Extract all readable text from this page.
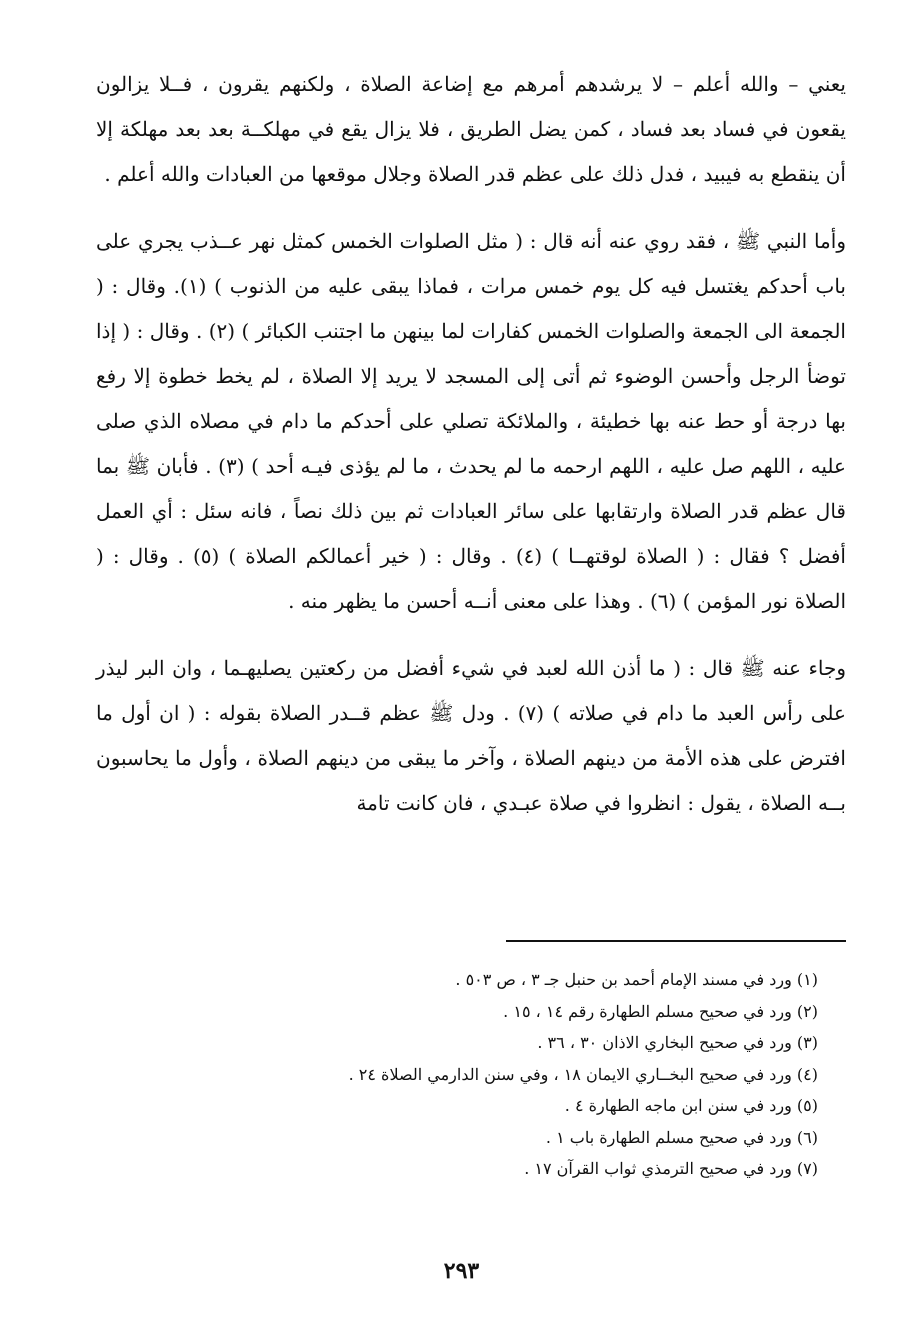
يعني – والله أعلم – لا يرشدهم أمرهم مع إضاعة الصلاة ، ولكنهم يقرون ، فــلا يزالون يقعون في فساد بعد فساد ، كمن يضل الطريق ، فلا يزال يقع في مهلكــة بعد بعد مهلكة إلا أن ينقطع به فيبيد ، فدل ذلك على عظم قدر الصلاة وجلال موقعها من العبادات والله أعلم .

وأما النبي ﷺ ، فقد روي عنه أنه قال : ( مثل الصلوات الخمس كمثل نهر عــذب يجري على باب أحدكم يغتسل فيه كل يوم خمس مرات ، فماذا يبقى عليه من الذنوب ) (١). وقال : ( الجمعة الى الجمعة والصلوات الخمس كفارات لما بينهن ما اجتنب الكبائر ) (٢) . وقال : ( إذا توضأ الرجل وأحسن الوضوء ثم أتى إلى المسجد لا يريد إلا الصلاة ، لم يخط خطوة إلا رفع بها درجة أو حط عنه بها خطيئة ، والملائكة تصلي على أحدكم ما دام في مصلاه الذي صلى عليه ، اللهم صل عليه ، اللهم ارحمه ما لم يحدث ، ما لم يؤذى فيـه أحد ) (٣) . فأبان ﷺ بما قال عظم قدر الصلاة وارتقابها على سائر العبادات ثم بين ذلك نصاً ، فانه سئل : أي العمل أفضل ؟ فقال : ( الصلاة لوقتهــا ) (٤) . وقال : ( خير أعمالكم الصلاة ) (٥) . وقال : ( الصلاة نور المؤمن ) (٦) . وهذا على معنى أنــه أحسن ما يظهر منه .

وجاء عنه ﷺ قال : ( ما أذن الله لعبد في شيء أفضل من ركعتين يصليهـما ، وان البر ليذر على رأس العبد ما دام في صلاته ) (٧) . ودل ﷺ عظم قــدر الصلاة بقوله : ( ان أول ما افترض على هذه الأمة من دينهم الصلاة ، وآخر ما يبقى من دينهم الصلاة ، وأول ما يحاسبون بــه الصلاة ، يقول : انظروا في صلاة عبـدي ، فان كانت تامة

(١) ورد في مسند الإمام أحمد بن حنبل جـ ٣ ، ص ٥٠٣ .
(٢) ورد في صحيح مسلم الطهارة رقم ١٤ ، ١٥ .
(٣) ورد في صحيح البخاري الاذان ٣٠ ، ٣٦ .
(٤) ورد في صحيح البخــاري الايمان ١٨ ، وفي سنن الدارمي الصلاة ٢٤ .
(٥) ورد في سنن ابن ماجه الطهارة ٤ .
(٦) ورد في صحيح مسلم الطهارة باب ١ .
(٧) ورد في صحيح الترمذي ثواب القرآن ١٧ .
٢٩٣
